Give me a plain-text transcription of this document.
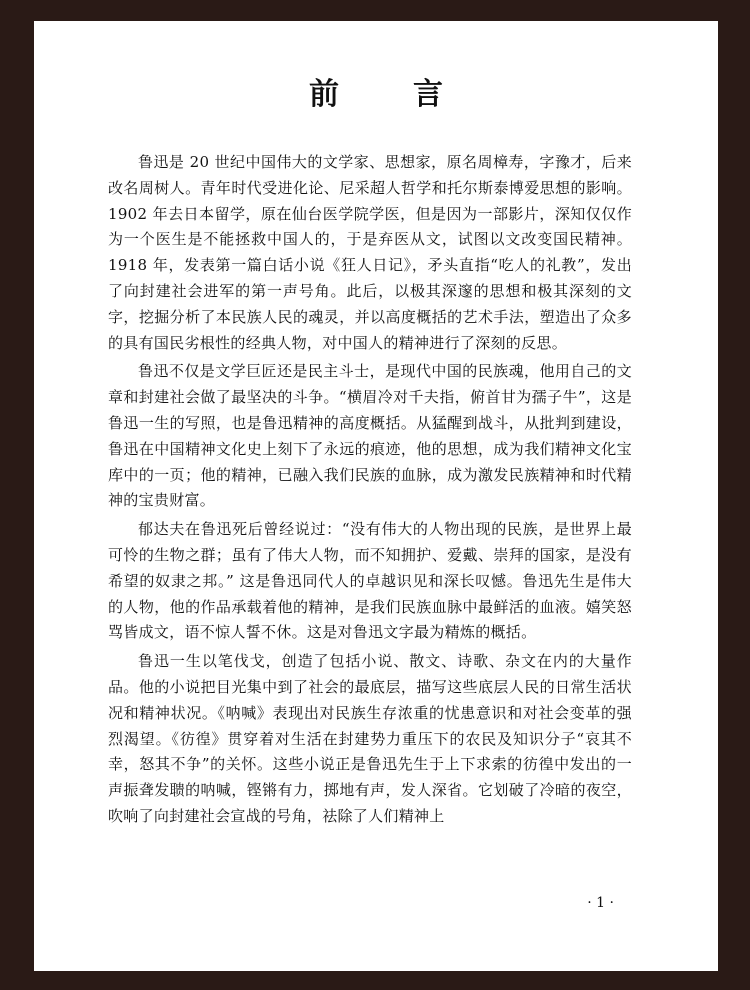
前　言

鲁迅是 20 世纪中国伟大的文学家、思想家，原名周樟寿，字豫才，后来改名周树人。青年时代受进化论、尼采超人哲学和托尔斯泰博爱思想的影响。1902 年去日本留学，原在仙台医学院学医，但是因为一部影片，深知仅仅作为一个医生是不能拯救中国人的，于是弃医从文，试图以文改变国民精神。1918 年，发表第一篇白话小说《狂人日记》，矛头直指“吃人的礼教”，发出了向封建社会进军的第一声号角。此后，以极其深邃的思想和极其深刻的文字，挖掘分析了本民族人民的魂灵，并以高度概括的艺术手法，塑造出了众多的具有国民劣根性的经典人物，对中国人的精神进行了深刻的反思。

鲁迅不仅是文学巨匠还是民主斗士，是现代中国的民族魂，他用自己的文章和封建社会做了最坚决的斗争。“横眉冷对千夫指，俯首甘为孺子牛”，这是鲁迅一生的写照，也是鲁迅精神的高度概括。从猛醒到战斗，从批判到建设，鲁迅在中国精神文化史上刻下了永远的痕迹，他的思想，成为我们精神文化宝库中的一页；他的精神，已融入我们民族的血脉，成为激发民族精神和时代精神的宝贵财富。

郁达夫在鲁迅死后曾经说过：“没有伟大的人物出现的民族，是世界上最可怜的生物之群；虽有了伟大人物，而不知拥护、爱戴、崇拜的国家，是没有希望的奴隶之邦。” 这是鲁迅同代人的卓越识见和深长叹憾。鲁迅先生是伟大的人物，他的作品承载着他的精神，是我们民族血脉中最鲜活的血液。嬉笑怒骂皆成文，语不惊人誓不休。这是对鲁迅文字最为精炼的概括。

鲁迅一生以笔伐戈，创造了包括小说、散文、诗歌、杂文在内的大量作品。他的小说把目光集中到了社会的最底层，描写这些底层人民的日常生活状况和精神状况。《呐喊》表现出对民族生存浓重的忧患意识和对社会变革的强烈渴望。《彷徨》贯穿着对生活在封建势力重压下的农民及知识分子“哀其不幸，怒其不争”的关怀。这些小说正是鲁迅先生于上下求索的彷徨中发出的一声振聋发聩的呐喊，铿锵有力，掷地有声，发人深省。它划破了冷暗的夜空，吹响了向封建社会宣战的号角，祛除了人们精神上

· 1 ·
